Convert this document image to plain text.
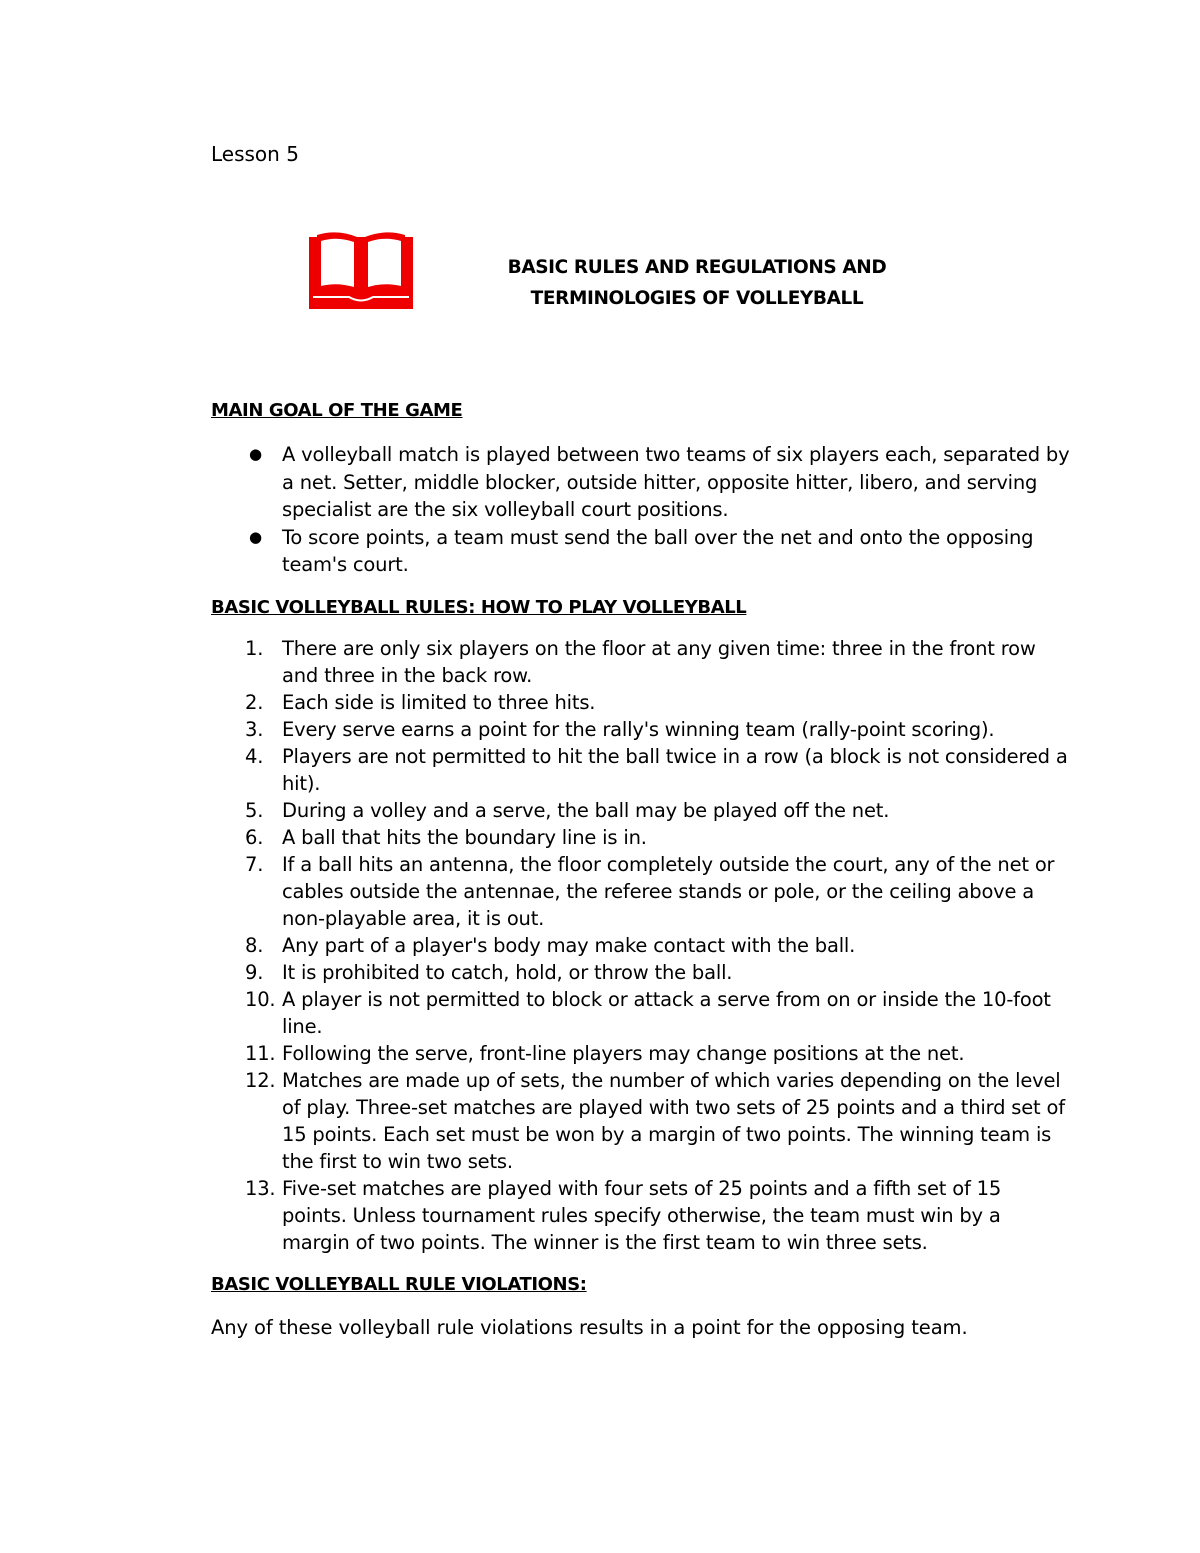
Lesson 5
BASIC RULES AND REGULATIONS AND
TERMINOLOGIES OF VOLLEYBALL
MAIN GOAL OF THE GAME
● A volleyball match is played between two teams of six players each, separated by a net. Setter, middle blocker, outside hitter, opposite hitter, libero, and serving specialist are the six volleyball court positions.
● To score points, a team must send the ball over the net and onto the opposing team's court.
BASIC VOLLEYBALL RULES: HOW TO PLAY VOLLEYBALL
1. There are only six players on the floor at any given time: three in the front row and three in the back row.
2. Each side is limited to three hits.
3. Every serve earns a point for the rally's winning team (rally-point scoring).
4. Players are not permitted to hit the ball twice in a row (a block is not considered a hit).
5. During a volley and a serve, the ball may be played off the net.
6. A ball that hits the boundary line is in.
7. If a ball hits an antenna, the floor completely outside the court, any of the net or cables outside the antennae, the referee stands or pole, or the ceiling above a non-playable area, it is out.
8. Any part of a player's body may make contact with the ball.
9. It is prohibited to catch, hold, or throw the ball.
10. A player is not permitted to block or attack a serve from on or inside the 10-foot line.
11. Following the serve, front-line players may change positions at the net.
12. Matches are made up of sets, the number of which varies depending on the level of play. Three-set matches are played with two sets of 25 points and a third set of 15 points. Each set must be won by a margin of two points. The winning team is the first to win two sets.
13. Five-set matches are played with four sets of 25 points and a fifth set of 15 points. Unless tournament rules specify otherwise, the team must win by a margin of two points. The winner is the first team to win three sets.
BASIC VOLLEYBALL RULE VIOLATIONS:
Any of these volleyball rule violations results in a point for the opposing team.
